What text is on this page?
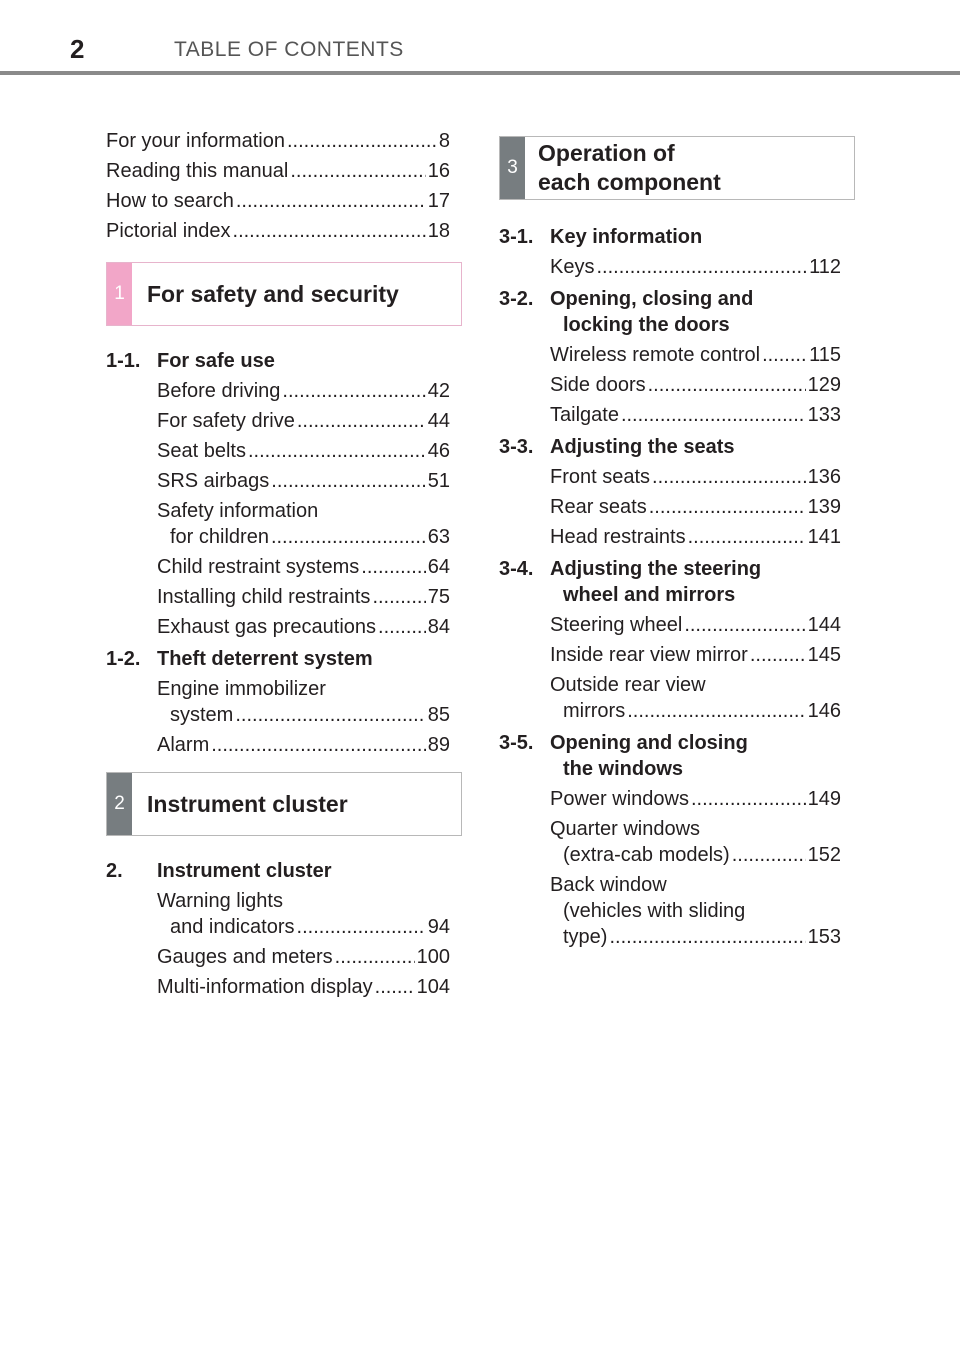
2	TABLE OF CONTENTS
For your information .....	8
Reading this manual .....	16
How to search .....	17
Pictorial index .....	18
1 For safety and security
1-1. For safe use
Before driving .....	42
For safety drive .....	44
Seat belts .....	46
SRS airbags .....	51
Safety information
for children .....	63
Child restraint systems .....	64
Installing child restraints .....	75
Exhaust gas precautions .....	84
1-2. Theft deterrent system
Engine immobilizer
system .....	85
Alarm .....	89
2 Instrument cluster
2.	Instrument cluster
Warning lights
and indicators .....	94
Gauges and meters .....	100
Multi-information display ..... 104
3
Operation of
each component
3-1. Key information
Keys .....	112
3-2. Opening, closing and
locking the doors
Wireless remote control ..... 115
Side doors .....	129
Tailgate .....	133
3-3. Adjusting the seats
Front seats .....	136
Rear seats .....	139
Head restraints .....	141
3-4. Adjusting the steering
wheel and mirrors
Steering wheel .....	144
Inside rear view mirror .....	145
Outside rear view
mirrors .....	146
3-5. Opening and closing
the windows
Power windows .....	149
Quarter windows
(extra-cab models) .....	152
Back window
(vehicles with sliding
type) .....	153
